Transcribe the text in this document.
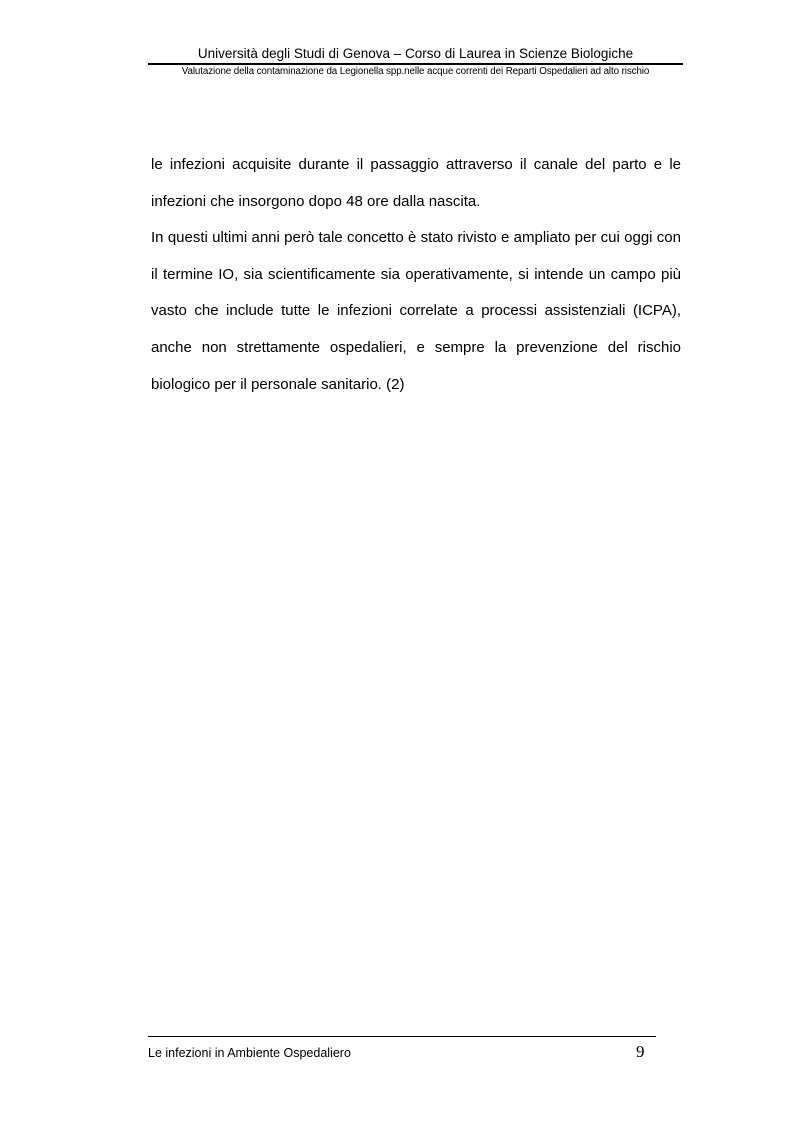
Università degli Studi di Genova – Corso di Laurea in Scienze Biologiche
Valutazione della contaminazione da Legionella spp.nelle acque correnti dei Reparti Ospedalieri ad alto rischio

le infezioni acquisite durante il passaggio attraverso il canale del parto e le infezioni che insorgono dopo 48 ore dalla nascita.

In questi ultimi anni però tale concetto è stato rivisto e ampliato per cui oggi con il termine IO, sia scientificamente sia operativamente, si intende un campo più vasto che include tutte le infezioni correlate a processi assistenziali (ICPA), anche non strettamente ospedalieri, e sempre la prevenzione del rischio biologico per il personale sanitario. (2)

Le infezioni in Ambiente Ospedaliero	9
